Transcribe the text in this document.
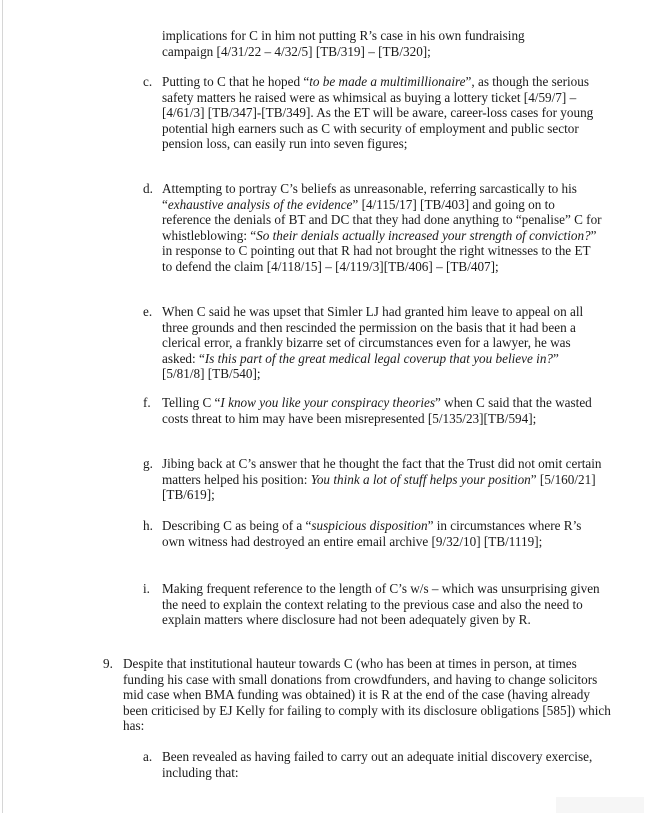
implications for C in him not putting R’s case in his own fundraising

campaign [4/31/22 – 4/32/5] [TB/319] – [TB/320];

c. Putting to C that he hoped “to be made a multimillionaire”, as though the serious safety matters he raised were as whimsical as buying a lottery ticket [4/59/7] – [4/61/3] [TB/347]-[TB/349]. As the ET will be aware, career-loss cases for young potential high earners such as C with security of employment and public sector pension loss, can easily run into seven figures;
d. Attempting to portray C’s beliefs as unreasonable, referring sarcastically to his “exhaustive analysis of the evidence” [4/115/17] [TB/403] and going on to reference the denials of BT and DC that they had done anything to “penalise” C for whistleblowing: “So their denials actually increased your strength of conviction?” in response to C pointing out that R had not brought the right witnesses to the ET to defend the claim [4/118/15] – [4/119/3][TB/406] – [TB/407];
e. When C said he was upset that Simler LJ had granted him leave to appeal on all three grounds and then rescinded the permission on the basis that it had been a clerical error, a frankly bizarre set of circumstances even for a lawyer, he was asked: “Is this part of the great medical legal coverup that you believe in?” [5/81/8] [TB/540];
f. Telling C “I know you like your conspiracy theories” when C said that the wasted costs threat to him may have been misrepresented [5/135/23][TB/594];
g. Jibing back at C’s answer that he thought the fact that the Trust did not omit certain matters helped his position: You think a lot of stuff helps your position” [5/160/21] [TB/619];
h. Describing C as being of a “suspicious disposition” in circumstances where R’s own witness had destroyed an entire email archive [9/32/10] [TB/1119];
i. Making frequent reference to the length of C’s w/s – which was unsurprising given the need to explain the context relating to the previous case and also the need to explain matters where disclosure had not been adequately given by R.
9. Despite that institutional hauteur towards C (who has been at times in person, at times funding his case with small donations from crowdfunders, and having to change solicitors mid case when BMA funding was obtained) it is R at the end of the case (having already been criticised by EJ Kelly for failing to comply with its disclosure obligations [585]) which has:
a. Been revealed as having failed to carry out an adequate initial discovery exercise, including that:
